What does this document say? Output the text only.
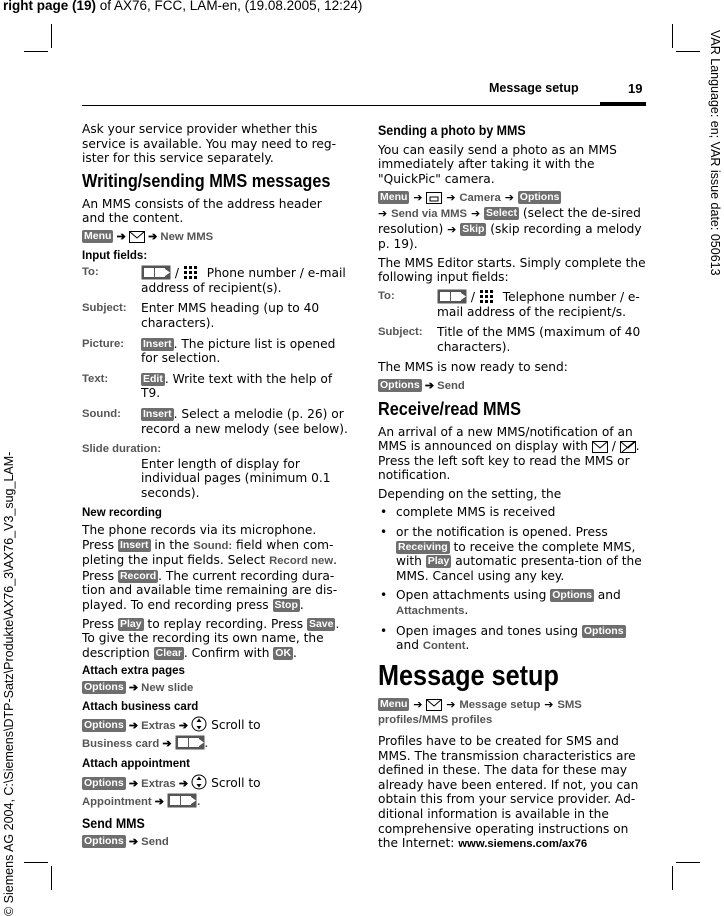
right page (19) of AX76, FCC, LAM-en, (19.08.2005, 12:24)
© Siemens AG 2004, C:\Siemens\DTP-Satz\Produkte\AX76_3\AX76_V3_sug_LAM-
VAR Language: en; VAR issue date: 050613
Message setup	19

Ask your service provider whether this service is available. You may need to reg-ister for this service separately.

Writing/sending MMS messages

An MMS consists of the address header and the content.

Menu ➔ ➔ New MMS
Input fields:
To:	/  Phone number / e-mail address of recipient(s).
Subject:	Enter MMS heading (up to 40 characters).
Picture:	Insert . The picture list is opened for selection.
Text:	Edit . Write text with the help of T9.
Sound:	Insert . Select a melodie (p. 26) or record a new melody (see below).
Slide duration:
Enter length of display for individual pages (minimum 0.1 seconds).
New recording

The phone records via its microphone. Press Insert in the Sound: field when com-pleting the input fields. Select Record new. Press Record . The current recording dura-tion and available time remaining are dis-played. To end recording press Stop .

Press Play to replay recording. Press Save . To give the recording its own name, the description Clear . Confirm with OK .

Attach extra pages
Options ➔ New slide
Attach business card
Options ➔ Extras ➔  Scroll to
Business card ➔	.
Attach appointment
Options ➔ Extras ➔  Scroll to
Appointment ➔	.
Send MMS
Options ➔ Send
Sending a photo by MMS

You can easily send a photo as an MMS immediately after taking it with the "QuickPic" camera.

Menu ➔ ➔ Camera ➔ Options
➔ Send via MMS ➔ Select (select the de-sired resolution) ➔ Skip (skip recording a melody p. 19).

The MMS Editor starts. Simply complete the following input fields:

To:	/  Telephone number / e-mail address of the recipient/s.
Subject:	Title of the MMS (maximum of 40 characters).

The MMS is now ready to send:

Options ➔ Send
Receive/read MMS

An arrival of a new MMS/notification of an MMS is announced on display with  / . Press the left soft key to read the MMS or notification.

Depending on the setting, the

• complete MMS is received
• or the notification is opened. Press Receiving to receive the complete MMS, with Play automatic presenta-tion of the MMS. Cancel using any key.
• Open attachments using Options and Attachments.
• Open images and tones using Options and Content.
Message setup
Menu ➔ ➔ Message setup ➔ SMS profiles/MMS profiles

Profiles have to be created for SMS and MMS. The transmission characteristics are defined in these. The data for these may already have been entered. If not, you can obtain this from your service provider. Ad-ditional information is available in the comprehensive operating instructions on the Internet: www.siemens.com/ax76
